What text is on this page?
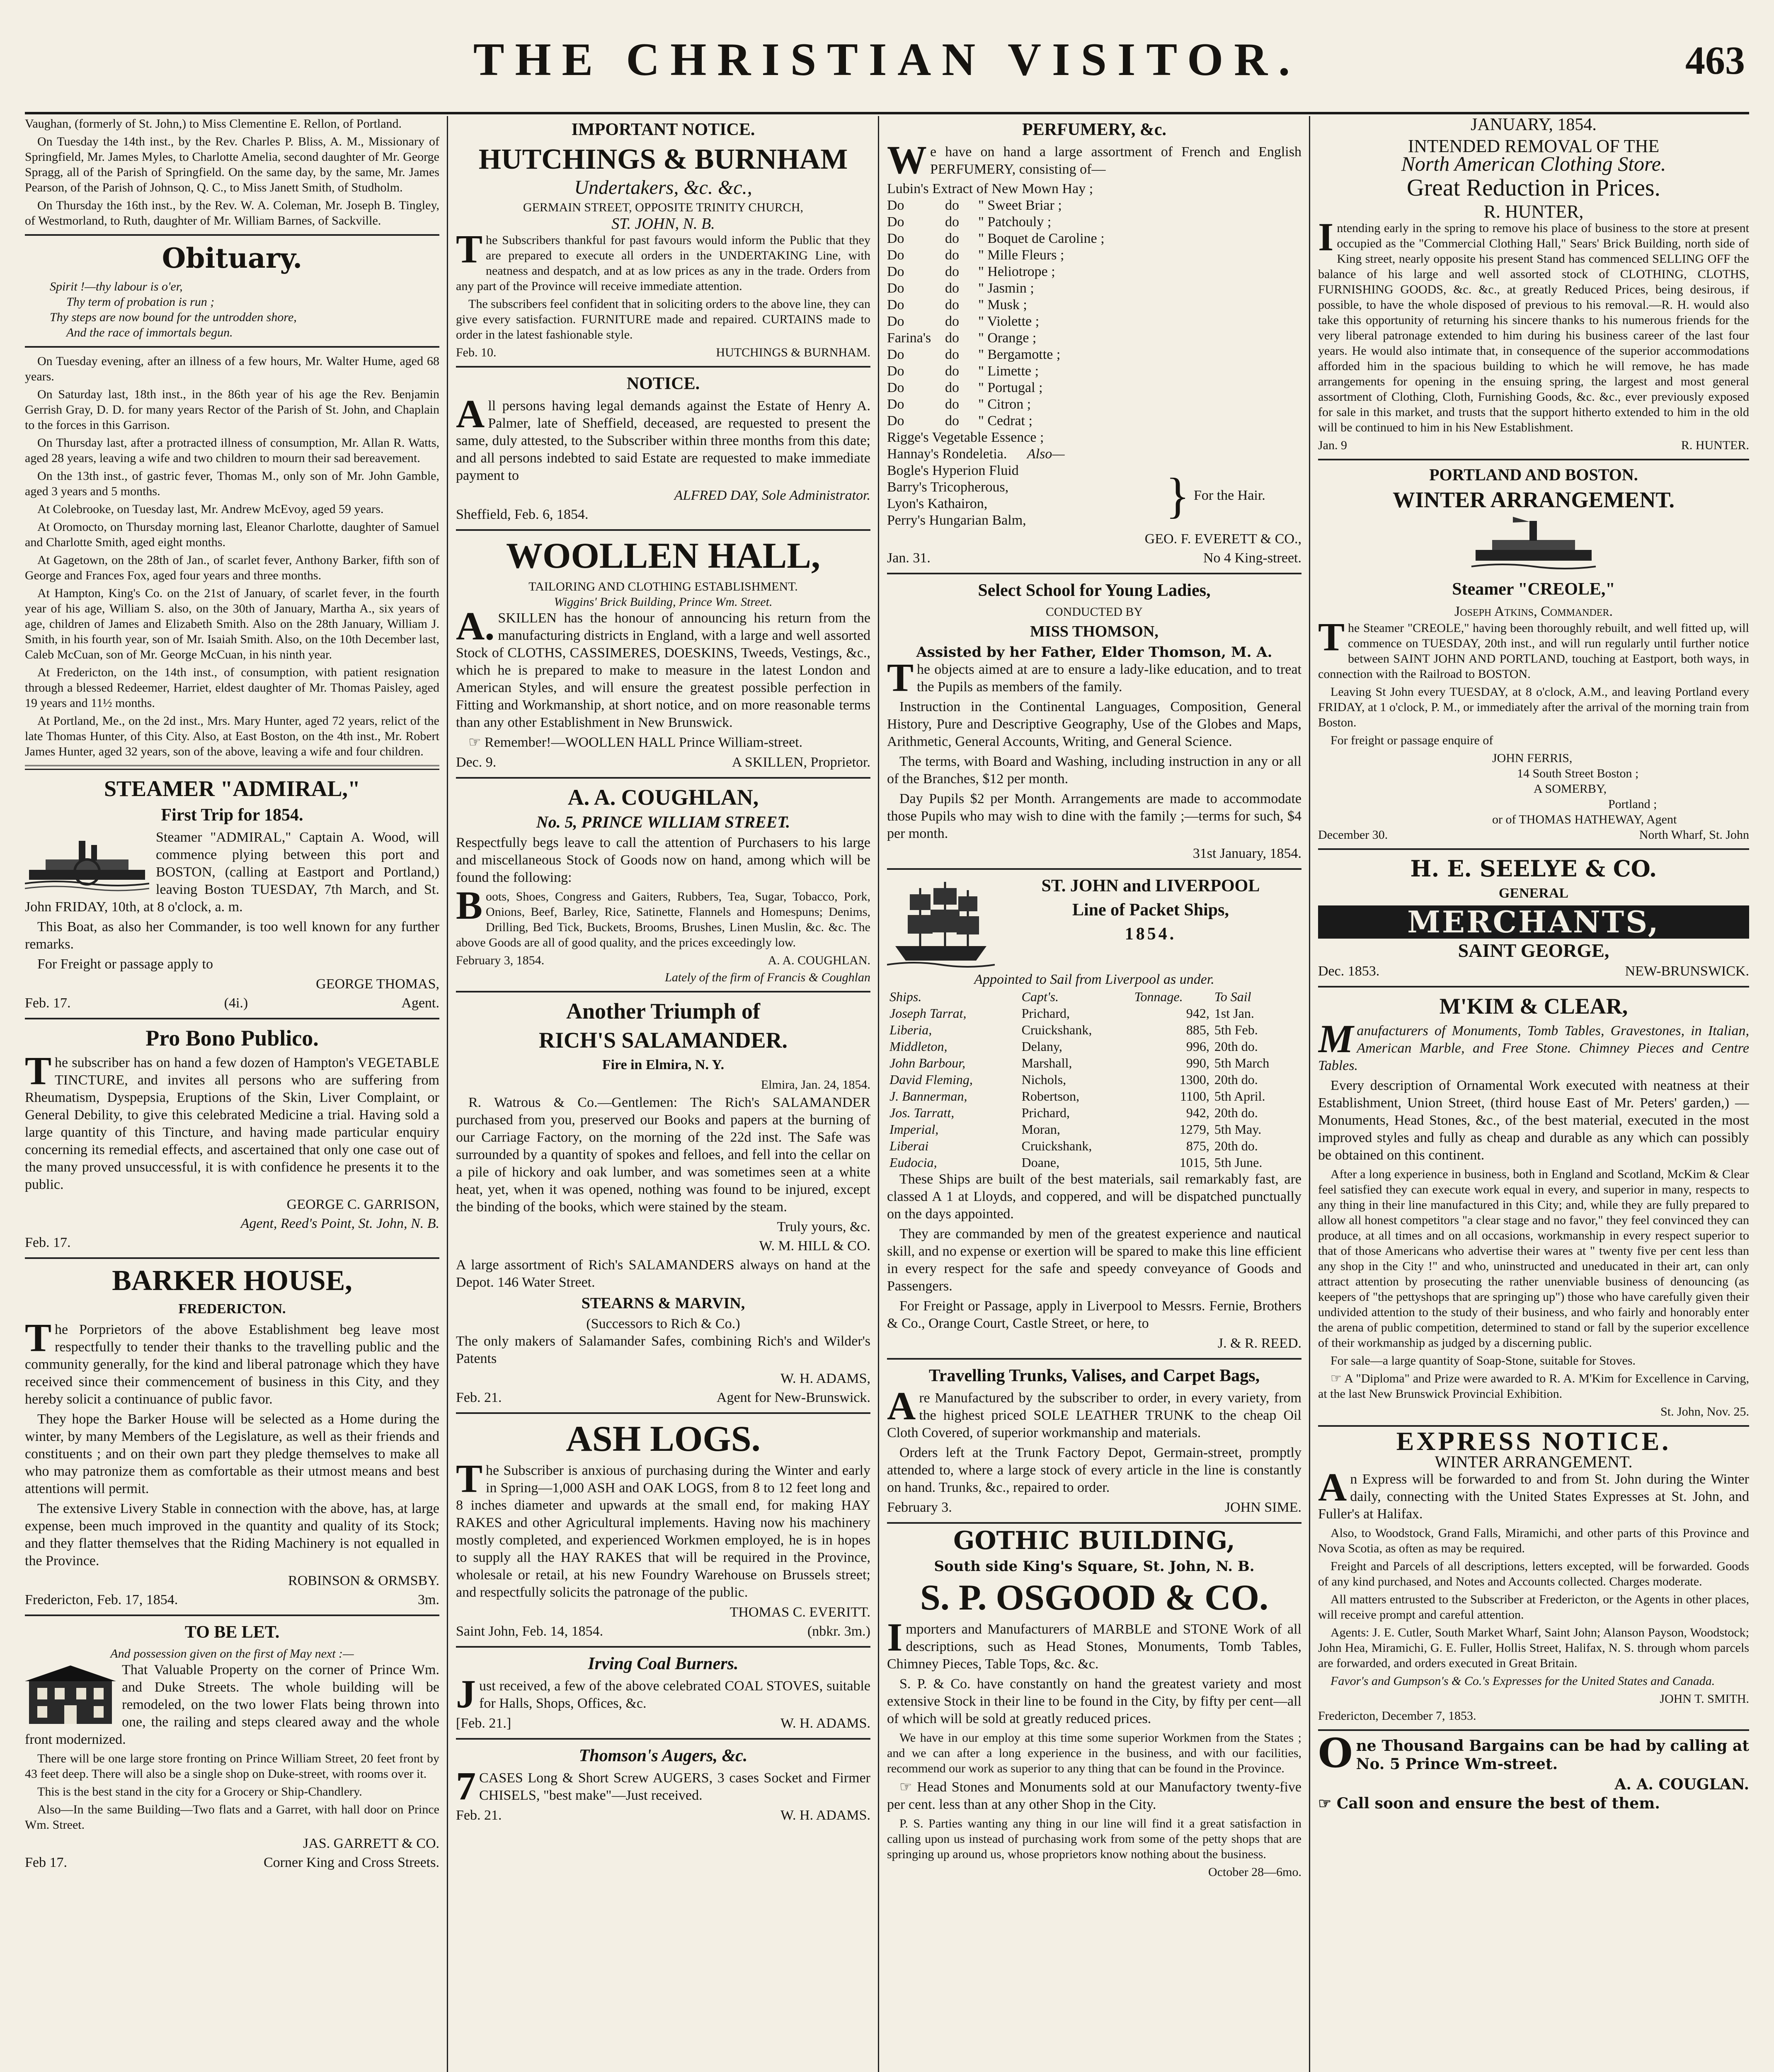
THE CHRISTIAN VISITOR.	463

Vaughan, (formerly of St. John,) to Miss Clementine E. Rellon, of Portland.

On Tuesday the 14th inst., by the Rev. Charles P. Bliss, A. M., Missionary of Springfield, Mr. James Myles, to Charlotte Amelia, second daughter of Mr. George Spragg, all of the Parish of Springfield. On the same day, by the same, Mr. James Pearson, of the Parish of Johnson, Q. C., to Miss Janett Smith, of Studholm.

On Thursday the 16th inst., by the Rev. W. A. Coleman, Mr. Joseph B. Tingley, of Westmorland, to Ruth, daughter of Mr. William Barnes, of Sackville.

Obituary.
Spirit !—thy labour is o'er,
Thy term of probation is run ;
Thy steps are now bound for the untrodden shore,
And the race of immortals begun.

On Tuesday evening, after an illness of a few hours, Mr. Walter Hume, aged 68 years.

On Saturday last, 18th inst., in the 86th year of his age the Rev. Benjamin Gerrish Gray, D. D. for many years Rector of the Parish of St. John, and Chaplain to the forces in this Garrison.

On Thursday last, after a protracted illness of consumption, Mr. Allan R. Watts, aged 28 years, leaving a wife and two children to mourn their sad bereavement.

On the 13th inst., of gastric fever, Thomas M., only son of Mr. John Gamble, aged 3 years and 5 months.

At Colebrooke, on Tuesday last, Mr. Andrew McEvoy, aged 59 years.

At Oromocto, on Thursday morning last, Eleanor Charlotte, daughter of Samuel and Charlotte Smith, aged eight months.

At Gagetown, on the 28th of Jan., of scarlet fever, Anthony Barker, fifth son of George and Frances Fox, aged four years and three months.

At Hampton, King's Co. on the 21st of January, of scarlet fever, in the fourth year of his age, William S. also, on the 30th of January, Martha A., six years of age, children of James and Elizabeth Smith. Also on the 28th January, William J. Smith, in his fourth year, son of Mr. Isaiah Smith. Also, on the 10th December last, Caleb McCuan, son of Mr. George McCuan, in his ninth year.

At Fredericton, on the 14th inst., of consumption, with patient resignation through a blessed Redeemer, Harriet, eldest daughter of Mr. Thomas Paisley, aged 19 years and 11½ months.

At Portland, Me., on the 2d inst., Mrs. Mary Hunter, aged 72 years, relict of the late Thomas Hunter, of this City. Also, at East Boston, on the 4th inst., Mr. Robert James Hunter, aged 32 years, son of the above, leaving a wife and four children.

STEAMER "ADMIRAL,"
First Trip for 1854.

Steamer "ADMIRAL," Captain A. Wood, will commence plying between this port and BOSTON, (calling at Eastport and Portland,) leaving Boston TUESDAY, 7th March, and St. John FRIDAY, 10th, at 8 o'clock, a. m.

This Boat, as also her Commander, is too well known for any further remarks.

For Freight or passage apply to

GEORGE THOMAS,
Feb. 17.	(4i.)	Agent.
Pro Bono Publico.

The subscriber has on hand a few dozen of Hampton's VEGETABLE TINCTURE, and invites all persons who are suffering from Rheumatism, Dyspepsia, Eruptions of the Skin, Liver Complaint, or General Debility, to give this celebrated Medicine a trial. Having sold a large quantity of this Tincture, and having made particular enquiry concerning its remedial effects, and ascertained that only one case out of the many proved unsuccessful, it is with confidence he presents it to the public.

GEORGE C. GARRISON,
Agent, Reed's Point, St. John, N. B.
Feb. 17.
BARKER HOUSE,
FREDERICTON.

The Porprietors of the above Establishment beg leave most respectfully to tender their thanks to the travelling public and the community generally, for the kind and liberal patronage which they have received since their commencement of business in this City, and they hereby solicit a continuance of public favor.

They hope the Barker House will be selected as a Home during the winter, by many Members of the Legislature, as well as their friends and constituents ; and on their own part they pledge themselves to make all who may patronize them as comfortable as their utmost means and best attentions will permit.

The extensive Livery Stable in connection with the above, has, at large expense, been much improved in the quantity and quality of its Stock; and they flatter themselves that the Riding Machinery is not equalled in the Province.

ROBINSON & ORMSBY.
Fredericton, Feb. 17, 1854.	3m.
TO BE LET.
And possession given on the first of May next :—

That Valuable Property on the corner of Prince Wm. and Duke Streets. The whole building will be remodeled, on the two lower Flats being thrown into one, the railing and steps cleared away and the whole front modernized.

There will be one large store fronting on Prince William Street, 20 feet front by 43 feet deep. There will also be a single shop on Duke-street, with rooms over it.

This is the best stand in the city for a Grocery or Ship-Chandlery.

Also—In the same Building—Two flats and a Garret, with hall door on Prince Wm. Street.

JAS. GARRETT & CO.
Feb 17.	Corner King and Cross Streets.
IMPORTANT NOTICE.
HUTCHINGS & BURNHAM
Undertakers, &c. &c.,
GERMAIN STREET, OPPOSITE TRINITY CHURCH,
ST. JOHN, N. B.

The Subscribers thankful for past favours would inform the Public that they are prepared to execute all orders in the UNDERTAKING Line, with neatness and despatch, and at as low prices as any in the trade. Orders from any part of the Province will receive immediate attention.

The subscribers feel confident that in soliciting orders to the above line, they can give every satisfaction. FURNITURE made and repaired. CURTAINS made to order in the latest fashionable style.

Feb. 10.	HUTCHINGS & BURNHAM.
NOTICE.

All persons having legal demands against the Estate of Henry A. Palmer, late of Sheffield, deceased, are requested to present the same, duly attested, to the Subscriber within three months from this date; and all persons indebted to said Estate are requested to make immediate payment to

ALFRED DAY, Sole Administrator.
Sheffield, Feb. 6, 1854.
WOOLLEN HALL,
TAILORING AND CLOTHING ESTABLISHMENT.
Wiggins' Brick Building, Prince Wm. Street.

A.SKILLEN has the honour of announcing his return from the manufacturing districts in England, with a large and well assorted Stock of CLOTHS, CASSIMERES, DOESKINS, Tweeds, Vestings, &c., which he is prepared to make to measure in the latest London and American Styles, and will ensure the greatest possible perfection in Fitting and Workmanship, at short notice, and on more reasonable terms than any other Establishment in New Brunswick.

☞ Remember!—WOOLLEN HALL Prince William-street.

Dec. 9.	A SKILLEN, Proprietor.
A. A. COUGHLAN,
No. 5, PRINCE WILLIAM STREET.

Respectfully begs leave to call the attention of Purchasers to his large and miscellaneous Stock of Goods now on hand, among which will be found the following:

Boots, Shoes, Congress and Gaiters, Rubbers, Tea, Sugar, Tobacco, Pork, Onions, Beef, Barley, Rice, Satinette, Flannels and Homespuns; Denims, Drilling, Bed Tick, Buckets, Brooms, Brushes, Linen Muslin, &c. &c. The above Goods are all of good quality, and the prices exceedingly low.

February 3, 1854.	A. A. COUGHLAN.
Lately of the firm of Francis & Coughlan
Another Triumph of
RICH'S SALAMANDER.
Fire in Elmira, N. Y.
Elmira, Jan. 24, 1854.

R. Watrous & Co.—Gentlemen: The Rich's SALAMANDER purchased from you, preserved our Books and papers at the burning of our Carriage Factory, on the morning of the 22d inst. The Safe was surrounded by a quantity of spokes and felloes, and fell into the cellar on a pile of hickory and oak lumber, and was sometimes seen at a white heat, yet, when it was opened, nothing was found to be injured, except the binding of the books, which were stained by the steam.

Truly yours, &c.
W. M. HILL & CO.

A large assortment of Rich's SALAMANDERS always on hand at the Depot. 146 Water Street.

STEARNS & MARVIN,
(Successors to Rich & Co.)

The only makers of Salamander Safes, combining Rich's and Wilder's Patents

W. H. ADAMS,
Feb. 21.	Agent for New-Brunswick.
ASH LOGS.

The Subscriber is anxious of purchasing during the Winter and early in Spring—1,000 ASH and OAK LOGS, from 8 to 12 feet long and 8 inches diameter and upwards at the small end, for making HAY RAKES and other Agricultural implements. Having now his machinery mostly completed, and experienced Workmen employed, he is in hopes to supply all the HAY RAKES that will be required in the Province, wholesale or retail, at his new Foundry Warehouse on Brussels street; and respectfully solicits the patronage of the public.

THOMAS C. EVERITT.
Saint John, Feb. 14, 1854.	(nbkr. 3m.)
Irving Coal Burners.

Just received, a few of the above celebrated COAL STOVES, suitable for Halls, Shops, Offices, &c.

[Feb. 21.]	W. H. ADAMS.
Thomson's Augers, &c.

7CASES Long & Short Screw AUGERS, 3 cases Socket and Firmer CHISELS, "best make"—Just received.

Feb. 21.	W. H. ADAMS.
PERFUMERY, &c.

We have on hand a large assortment of French and English PERFUMERY, consisting of—

Lubin's Extract of New Mown Hay ;
Do	do	" Sweet Briar ;
Do	do	" Patchouly ;
Do	do	" Boquet de Caroline ;
Do	do	" Mille Fleurs ;
Do	do	" Heliotrope ;
Do	do	" Jasmin ;
Do	do	" Musk ;
Do	do	" Violette ;
Farina's do	" Orange ;
Do	do	" Bergamotte ;
Do	do	" Limette ;
Do	do	" Portugal ;
Do	do	" Citron ;
Do	do	" Cedrat ;
Rigge's Vegetable Essence ;
Hannay's Rondeletia. Also—
Bogle's Hyperion Fluid
Barry's Tricopherous,
Lyon's Kathairon,
Perry's Hungarian Balm,	} For the Hair.
GEO. F. EVERETT & CO.,
Jan. 31.	No 4 King-street.
Select School for Young Ladies,
CONDUCTED BY
MISS THOMSON,
Assisted by her Father, Elder Thomson, M. A.

The objects aimed at are to ensure a lady-like education, and to treat the Pupils as members of the family.

Instruction in the Continental Languages, Composition, General History, Pure and Descriptive Geography, Use of the Globes and Maps, Arithmetic, General Accounts, Writing, and General Science.

The terms, with Board and Washing, including instruction in any or all of the Branches, $12 per month.

Day Pupils $2 per Month. Arrangements are made to accommodate those Pupils who may wish to dine with the family ;—terms for such, $4 per month.

31st January, 1854.
ST. JOHN and LIVERPOOL
Line of Packet Ships,
1854.
Appointed to Sail from Liverpool as under.
Ships.	Capt's.	Tonnage.	To Sail
Joseph Tarrat,	Prichard,	942,	1st Jan.
Liberia,	Cruickshank,	885,	5th Feb.
Middleton,	Delany,	996,	20th do.
John Barbour,	Marshall,	990,	5th March
David Fleming,	Nichols,	1300,	20th do.
J. Bannerman,	Robertson,	1100,	5th April.
Jos. Tarratt,	Prichard,	942,	20th do.
Imperial,	Moran,	1279,	5th May.
Liberai	Cruickshank,	875,	20th do.
Eudocia,	Doane,	1015,	5th June.

These Ships are built of the best materials, sail remarkably fast, are classed A 1 at Lloyds, and coppered, and will be dispatched punctually on the days appointed.

They are commanded by men of the greatest experience and nautical skill, and no expense or exertion will be spared to make this line efficient in every respect for the safe and speedy conveyance of Goods and Passengers.

For Freight or Passage, apply in Liverpool to Messrs. Fernie, Brothers & Co., Orange Court, Castle Street, or here, to

J. & R. REED.
Travelling Trunks, Valises, and Carpet Bags,

Are Manufactured by the subscriber to order, in every variety, from the highest priced SOLE LEATHER TRUNK to the cheap Oil Cloth Covered, of superior workmanship and materials.

Orders left at the Trunk Factory Depot, Germain-street, promptly attended to, where a large stock of every article in the line is constantly on hand. Trunks, &c., repaired to order.

February 3.	JOHN SIME.
GOTHIC BUILDING,
South side King's Square, St. John, N. B.
S. P. OSGOOD & CO.

Importers and Manufacturers of MARBLE and STONE Work of all descriptions, such as Head Stones, Monuments, Tomb Tables, Chimney Pieces, Table Tops, &c. &c.

S. P. & Co. have constantly on hand the greatest variety and most extensive Stock in their line to be found in the City, by fifty per cent—all of which will be sold at greatly reduced prices.

We have in our employ at this time some superior Workmen from the States ; and we can after a long experience in the business, and with our facilities, recommend our work as superior to any thing that can be found in the Province.

☞ Head Stones and Monuments sold at our Manufactory twenty-five per cent. less than at any other Shop in the City.

P. S. Parties wanting any thing in our line will find it a great satisfaction in calling upon us instead of purchasing work from some of the petty shops that are springing up around us, whose proprietors know nothing about the business.

October 28—6mo.
JANUARY, 1854.
INTENDED REMOVAL OF THE
North American Clothing Store.
Great Reduction in Prices.
R. HUNTER,

Intending early in the spring to remove his place of business to the store at present occupied as the "Commercial Clothing Hall," Sears' Brick Building, north side of King street, nearly opposite his present Stand has commenced SELLING OFF the balance of his large and well assorted stock of CLOTHING, CLOTHS, FURNISHING GOODS, &c. &c., at greatly Reduced Prices, being desirous, if possible, to have the whole disposed of previous to his removal.—R. H. would also take this opportunity of returning his sincere thanks to his numerous friends for the very liberal patronage extended to him during his business career of the last four years. He would also intimate that, in consequence of the superior accommodations afforded him in the spacious building to which he will remove, he has made arrangements for opening in the ensuing spring, the largest and most general assortment of Clothing, Cloth, Furnishing Goods, &c. &c., ever previously exposed for sale in this market, and trusts that the support hitherto extended to him in the old will be continued to him in his New Establishment.

Jan. 9	R. HUNTER.
PORTLAND AND BOSTON.
WINTER ARRANGEMENT.
Steamer "CREOLE,"
Joseph Atkins, Commander.

The Steamer "CREOLE," having been thoroughly rebuilt, and well fitted up, will commence on TUESDAY, 20th inst., and will run regularly until further notice between SAINT JOHN AND PORTLAND, touching at Eastport, both ways, in connection with the Railroad to BOSTON.

Leaving St John every TUESDAY, at 8 o'clock, A.M., and leaving Portland every FRIDAY, at 1 o'clock, P. M., or immediately after the arrival of the morning train from Boston.

For freight or passage enquire of

JOHN FERRIS,
14 South Street Boston ;
A SOMERBY,
Portland ;
or of THOMAS HATHEWAY, Agent
December 30.	North Wharf, St. John
H. E. SEELYE & CO.
GENERAL
MERCHANTS,
SAINT GEORGE,
Dec. 1853.	NEW-BRUNSWICK.
M'KIM & CLEAR,

Manufacturers of Monuments, Tomb Tables, Gravestones, in Italian, American Marble, and Free Stone. Chimney Pieces and Centre Tables.

Every description of Ornamental Work executed with neatness at their Establishment, Union Street, (third house East of Mr. Peters' garden,) —Monuments, Head Stones, &c., of the best material, executed in the most improved styles and fully as cheap and durable as any which can possibly be obtained on this continent.

After a long experience in business, both in England and Scotland, McKim & Clear feel satisfied they can execute work equal in every, and superior in many, respects to any thing in their line manufactured in this City; and, while they are fully prepared to allow all honest competitors "a clear stage and no favor," they feel convinced they can produce, at all times and on all occasions, workmanship in every respect superior to that of those Americans who advertise their wares at " twenty five per cent less than any shop in the City !" and who, uninstructed and uneducated in their art, can only attract attention by prosecuting the rather unenviable business of denouncing (as keepers of "the pettyshops that are springing up") those who have carefully given their undivided attention to the study of their business, and who fairly and honorably enter the arena of public competition, determined to stand or fall by the superior excellence of their workmanship as judged by a discerning public.

For sale—a large quantity of Soap-Stone, suitable for Stoves.

☞ A "Diploma" and Prize were awarded to R. A. M'Kim for Excellence in Carving, at the last New Brunswick Provincial Exhibition.

St. John, Nov. 25.
EXPRESS NOTICE.
WINTER ARRANGEMENT.

An Express will be forwarded to and from St. John during the Winter daily, connecting with the United States Expresses at St. John, and Fuller's at Halifax.

Also, to Woodstock, Grand Falls, Miramichi, and other parts of this Province and Nova Scotia, as often as may be required.

Freight and Parcels of all descriptions, letters excepted, will be forwarded. Goods of any kind purchased, and Notes and Accounts collected. Charges moderate.

All matters entrusted to the Subscriber at Fredericton, or the Agents in other places, will receive prompt and careful attention.

Agents: J. E. Cutler, South Market Wharf, Saint John; Alanson Payson, Woodstock; John Hea, Miramichi, G. E. Fuller, Hollis Street, Halifax, N. S. through whom parcels are forwarded, and orders executed in Great Britain.

Favor's and Gumpson's & Co.'s Expresses for the United States and Canada.

JOHN T. SMITH.
Fredericton, December 7, 1853.

One Thousand Bargains can be had by calling at No. 5 Prince Wm-street.

A. A. COUGLAN.
☞ Call soon and ensure the best of them.
